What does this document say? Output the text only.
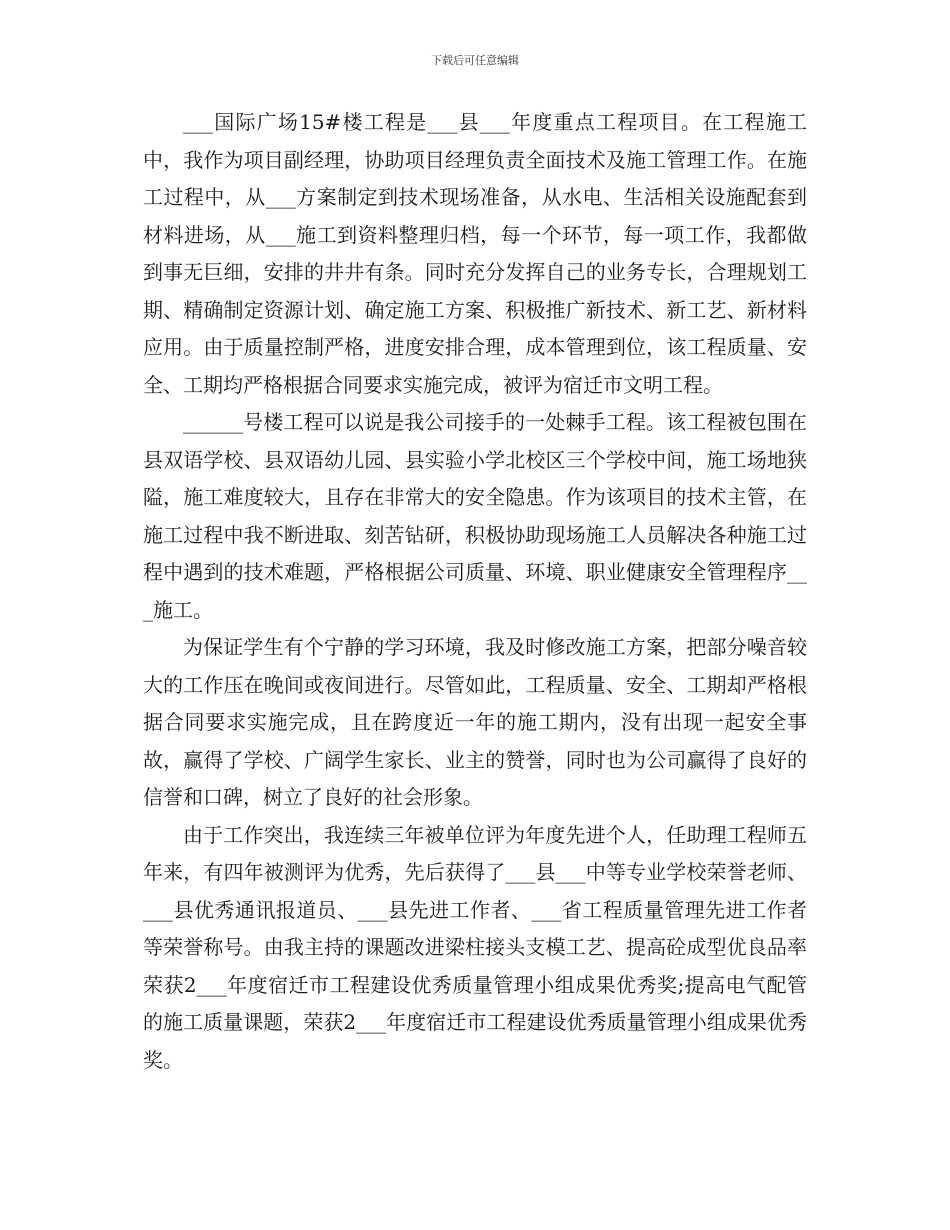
下载后可任意编辑

___国际广场15#楼工程是___县___年度重点工程项目。在工程施工中，我作为项目副经理，协助项目经理负责全面技术及施工管理工作。在施工过程中，从___方案制定到技术现场准备，从水电、生活相关设施配套到材料进场，从___施工到资料整理归档，每一个环节，每一项工作，我都做到事无巨细，安排的井井有条。同时充分发挥自己的业务专长，合理规划工期、精确制定资源计划、确定施工方案、积极推广新技术、新工艺、新材料应用。由于质量控制严格，进度安排合理，成本管理到位，该工程质量、安全、工期均严格根据合同要求实施完成，被评为宿迁市文明工程。

______号楼工程可以说是我公司接手的一处棘手工程。该工程被包围在县双语学校、县双语幼儿园、县实验小学北校区三个学校中间，施工场地狭隘，施工难度较大，且存在非常大的安全隐患。作为该项目的技术主管，在施工过程中我不断进取、刻苦钻研，积极协助现场施工人员解决各种施工过程中遇到的技术难题，严格根据公司质量、环境、职业健康安全管理程序___施工。

为保证学生有个宁静的学习环境，我及时修改施工方案，把部分噪音较大的工作压在晚间或夜间进行。尽管如此，工程质量、安全、工期却严格根据合同要求实施完成，且在跨度近一年的施工期内，没有出现一起安全事故，赢得了学校、广阔学生家长、业主的赞誉，同时也为公司赢得了良好的信誉和口碑，树立了良好的社会形象。

由于工作突出，我连续三年被单位评为年度先进个人，任助理工程师五年来，有四年被测评为优秀，先后获得了___县___中等专业学校荣誉老师、___县优秀通讯报道员、___县先进工作者、___省工程质量管理先进工作者等荣誉称号。由我主持的课题改进梁柱接头支模工艺、提高砼成型优良品率荣获2___年度宿迁市工程建设优秀质量管理小组成果优秀奖;提高电气配管的施工质量课题，荣获2___年度宿迁市工程建设优秀质量管理小组成果优秀奖。
